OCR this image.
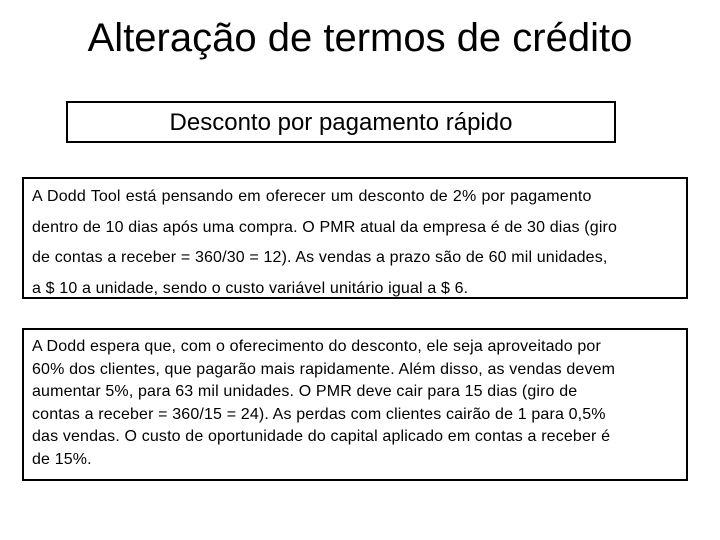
Alteração de termos de crédito
Desconto por pagamento rápido
A Dodd Tool está pensando em oferecer um desconto de 2% por pagamento
dentro de 10 dias após uma compra. O PMR atual da empresa é de 30 dias (giro
de contas a receber = 360/30 = 12). As vendas a prazo são de 60 mil unidades,
a $ 10 a unidade, sendo o custo variável unitário igual a $ 6.
A Dodd espera que, com o oferecimento do desconto, ele seja aproveitado por
60% dos clientes, que pagarão mais rapidamente. Além disso, as vendas devem
aumentar 5%, para 63 mil unidades. O PMR deve cair para 15 dias (giro de
contas a receber = 360/15 = 24). As perdas com clientes cairão de 1 para 0,5%
das vendas. O custo de oportunidade do capital aplicado em contas a receber é
de 15%.
